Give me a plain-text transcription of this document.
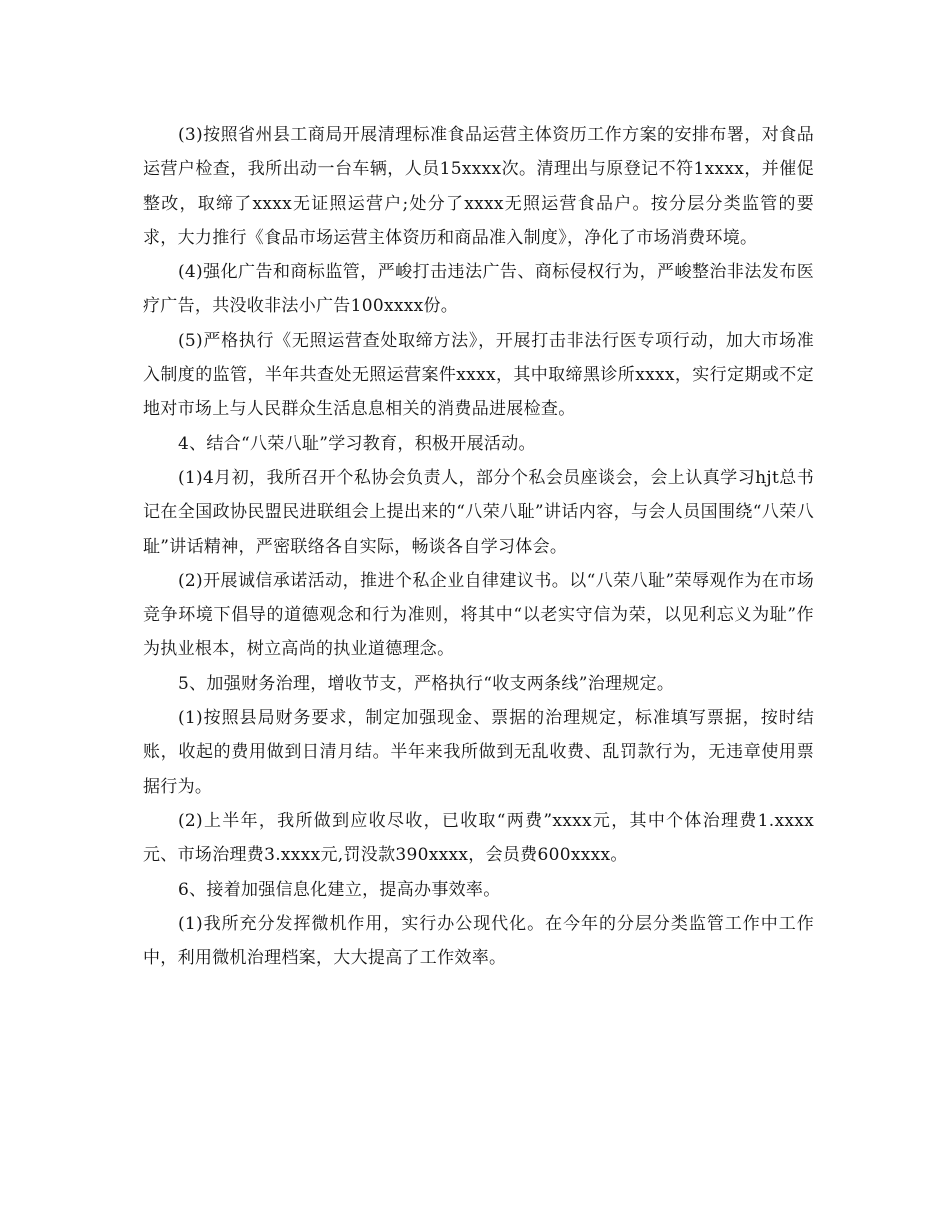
(3)按照省州县工商局开展清理标准食品运营主体资历工作方案的安排布署，对食品运营户检查，我所出动一台车辆，人员15xxxx次。清理出与原登记不符1xxxx，并催促整改，取缔了xxxx无证照运营户;处分了xxxx无照运营食品户。按分层分类监管的要求，大力推行《食品市场运营主体资历和商品准入制度》，净化了市场消费环境。

(4)强化广告和商标监管，严峻打击违法广告、商标侵权行为，严峻整治非法发布医疗广告，共没收非法小广告100xxxx份。

(5)严格执行《无照运营查处取缔方法》，开展打击非法行医专项行动，加大市场准入制度的监管，半年共查处无照运营案件xxxx，其中取缔黑诊所xxxx，实行定期或不定地对市场上与人民群众生活息息相关的消费品进展检查。

4、结合“八荣八耻”学习教育，积极开展活动。

(1)4月初，我所召开个私协会负责人，部分个私会员座谈会，会上认真学习hjt总书记在全国政协民盟民进联组会上提出来的“八荣八耻”讲话内容，与会人员国围绕“八荣八耻”讲话精神，严密联络各自实际，畅谈各自学习体会。

(2)开展诚信承诺活动，推进个私企业自律建议书。以“八荣八耻”荣辱观作为在市场竞争环境下倡导的道德观念和行为准则，将其中“以老实守信为荣，以见利忘义为耻”作为执业根本，树立高尚的执业道德理念。

5、加强财务治理，增收节支，严格执行“收支两条线”治理规定。

(1)按照县局财务要求，制定加强现金、票据的治理规定，标准填写票据，按时结账，收起的费用做到日清月结。半年来我所做到无乱收费、乱罚款行为，无违章使用票据行为。

(2)上半年，我所做到应收尽收，已收取“两费”xxxx元，其中个体治理费1.xxxx元、市场治理费3.xxxx元,罚没款390xxxx，会员费600xxxx。

6、接着加强信息化建立，提高办事效率。

(1)我所充分发挥微机作用，实行办公现代化。在今年的分层分类监管工作中工作中，利用微机治理档案，大大提高了工作效率。
